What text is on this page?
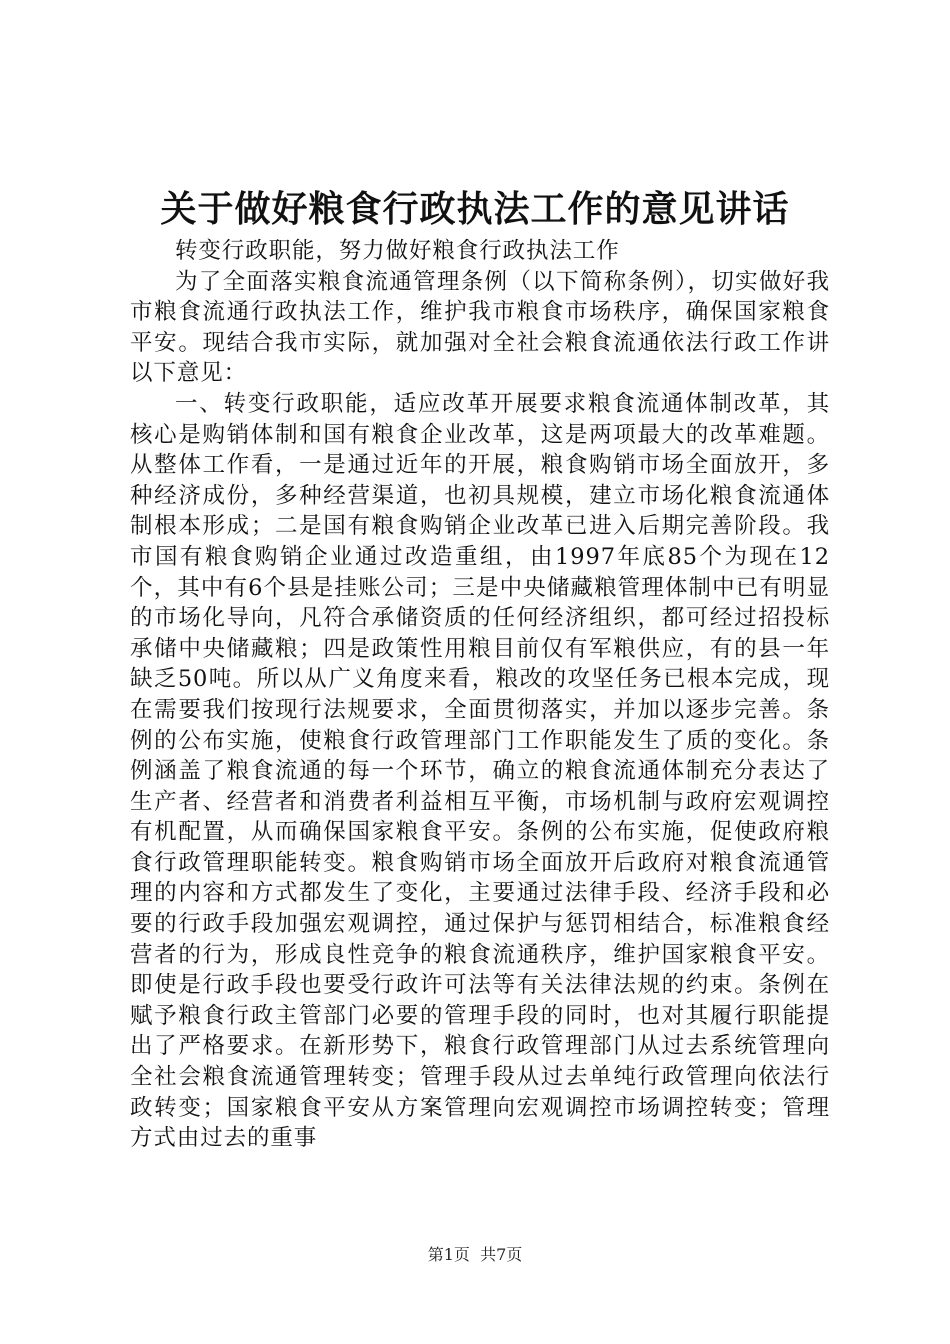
关于做好粮食行政执法工作的意见讲话

转变行政职能，努力做好粮食行政执法工作

为了全面落实粮食流通管理条例（以下简称条例），切实做好我市粮食流通行政执法工作，维护我市粮食市场秩序，确保国家粮食平安。现结合我市实际，就加强对全社会粮食流通依法行政工作讲以下意见：

一、转变行政职能，适应改革开展要求粮食流通体制改革，其核心是购销体制和国有粮食企业改革，这是两项最大的改革难题。从整体工作看，一是通过近年的开展，粮食购销市场全面放开，多种经济成份，多种经营渠道，也初具规模，建立市场化粮食流通体制根本形成；二是国有粮食购销企业改革已进入后期完善阶段。我市国有粮食购销企业通过改造重组，由1997年底85个为现在12个，其中有6个县是挂账公司；三是中央储藏粮管理体制中已有明显的市场化导向，凡符合承储资质的任何经济组织，都可经过招投标承储中央储藏粮；四是政策性用粮目前仅有军粮供应，有的县一年缺乏50吨。所以从广义角度来看，粮改的攻坚任务已根本完成，现在需要我们按现行法规要求，全面贯彻落实，并加以逐步完善。条例的公布实施，使粮食行政管理部门工作职能发生了质的变化。条例涵盖了粮食流通的每一个环节，确立的粮食流通体制充分表达了生产者、经营者和消费者利益相互平衡，市场机制与政府宏观调控有机配置，从而确保国家粮食平安。条例的公布实施，促使政府粮食行政管理职能转变。粮食购销市场全面放开后政府对粮食流通管理的内容和方式都发生了变化，主要通过法律手段、经济手段和必要的行政手段加强宏观调控，通过保护与惩罚相结合，标准粮食经营者的行为，形成良性竞争的粮食流通秩序，维护国家粮食平安。即使是行政手段也要受行政许可法等有关法律法规的约束。条例在赋予粮食行政主管部门必要的管理手段的同时，也对其履行职能提出了严格要求。在新形势下，粮食行政管理部门从过去系统管理向全社会粮食流通管理转变；管理手段从过去单纯行政管理向依法行政转变；国家粮食平安从方案管理向宏观调控市场调控转变；管理方式由过去的重事

第1页  共7页
